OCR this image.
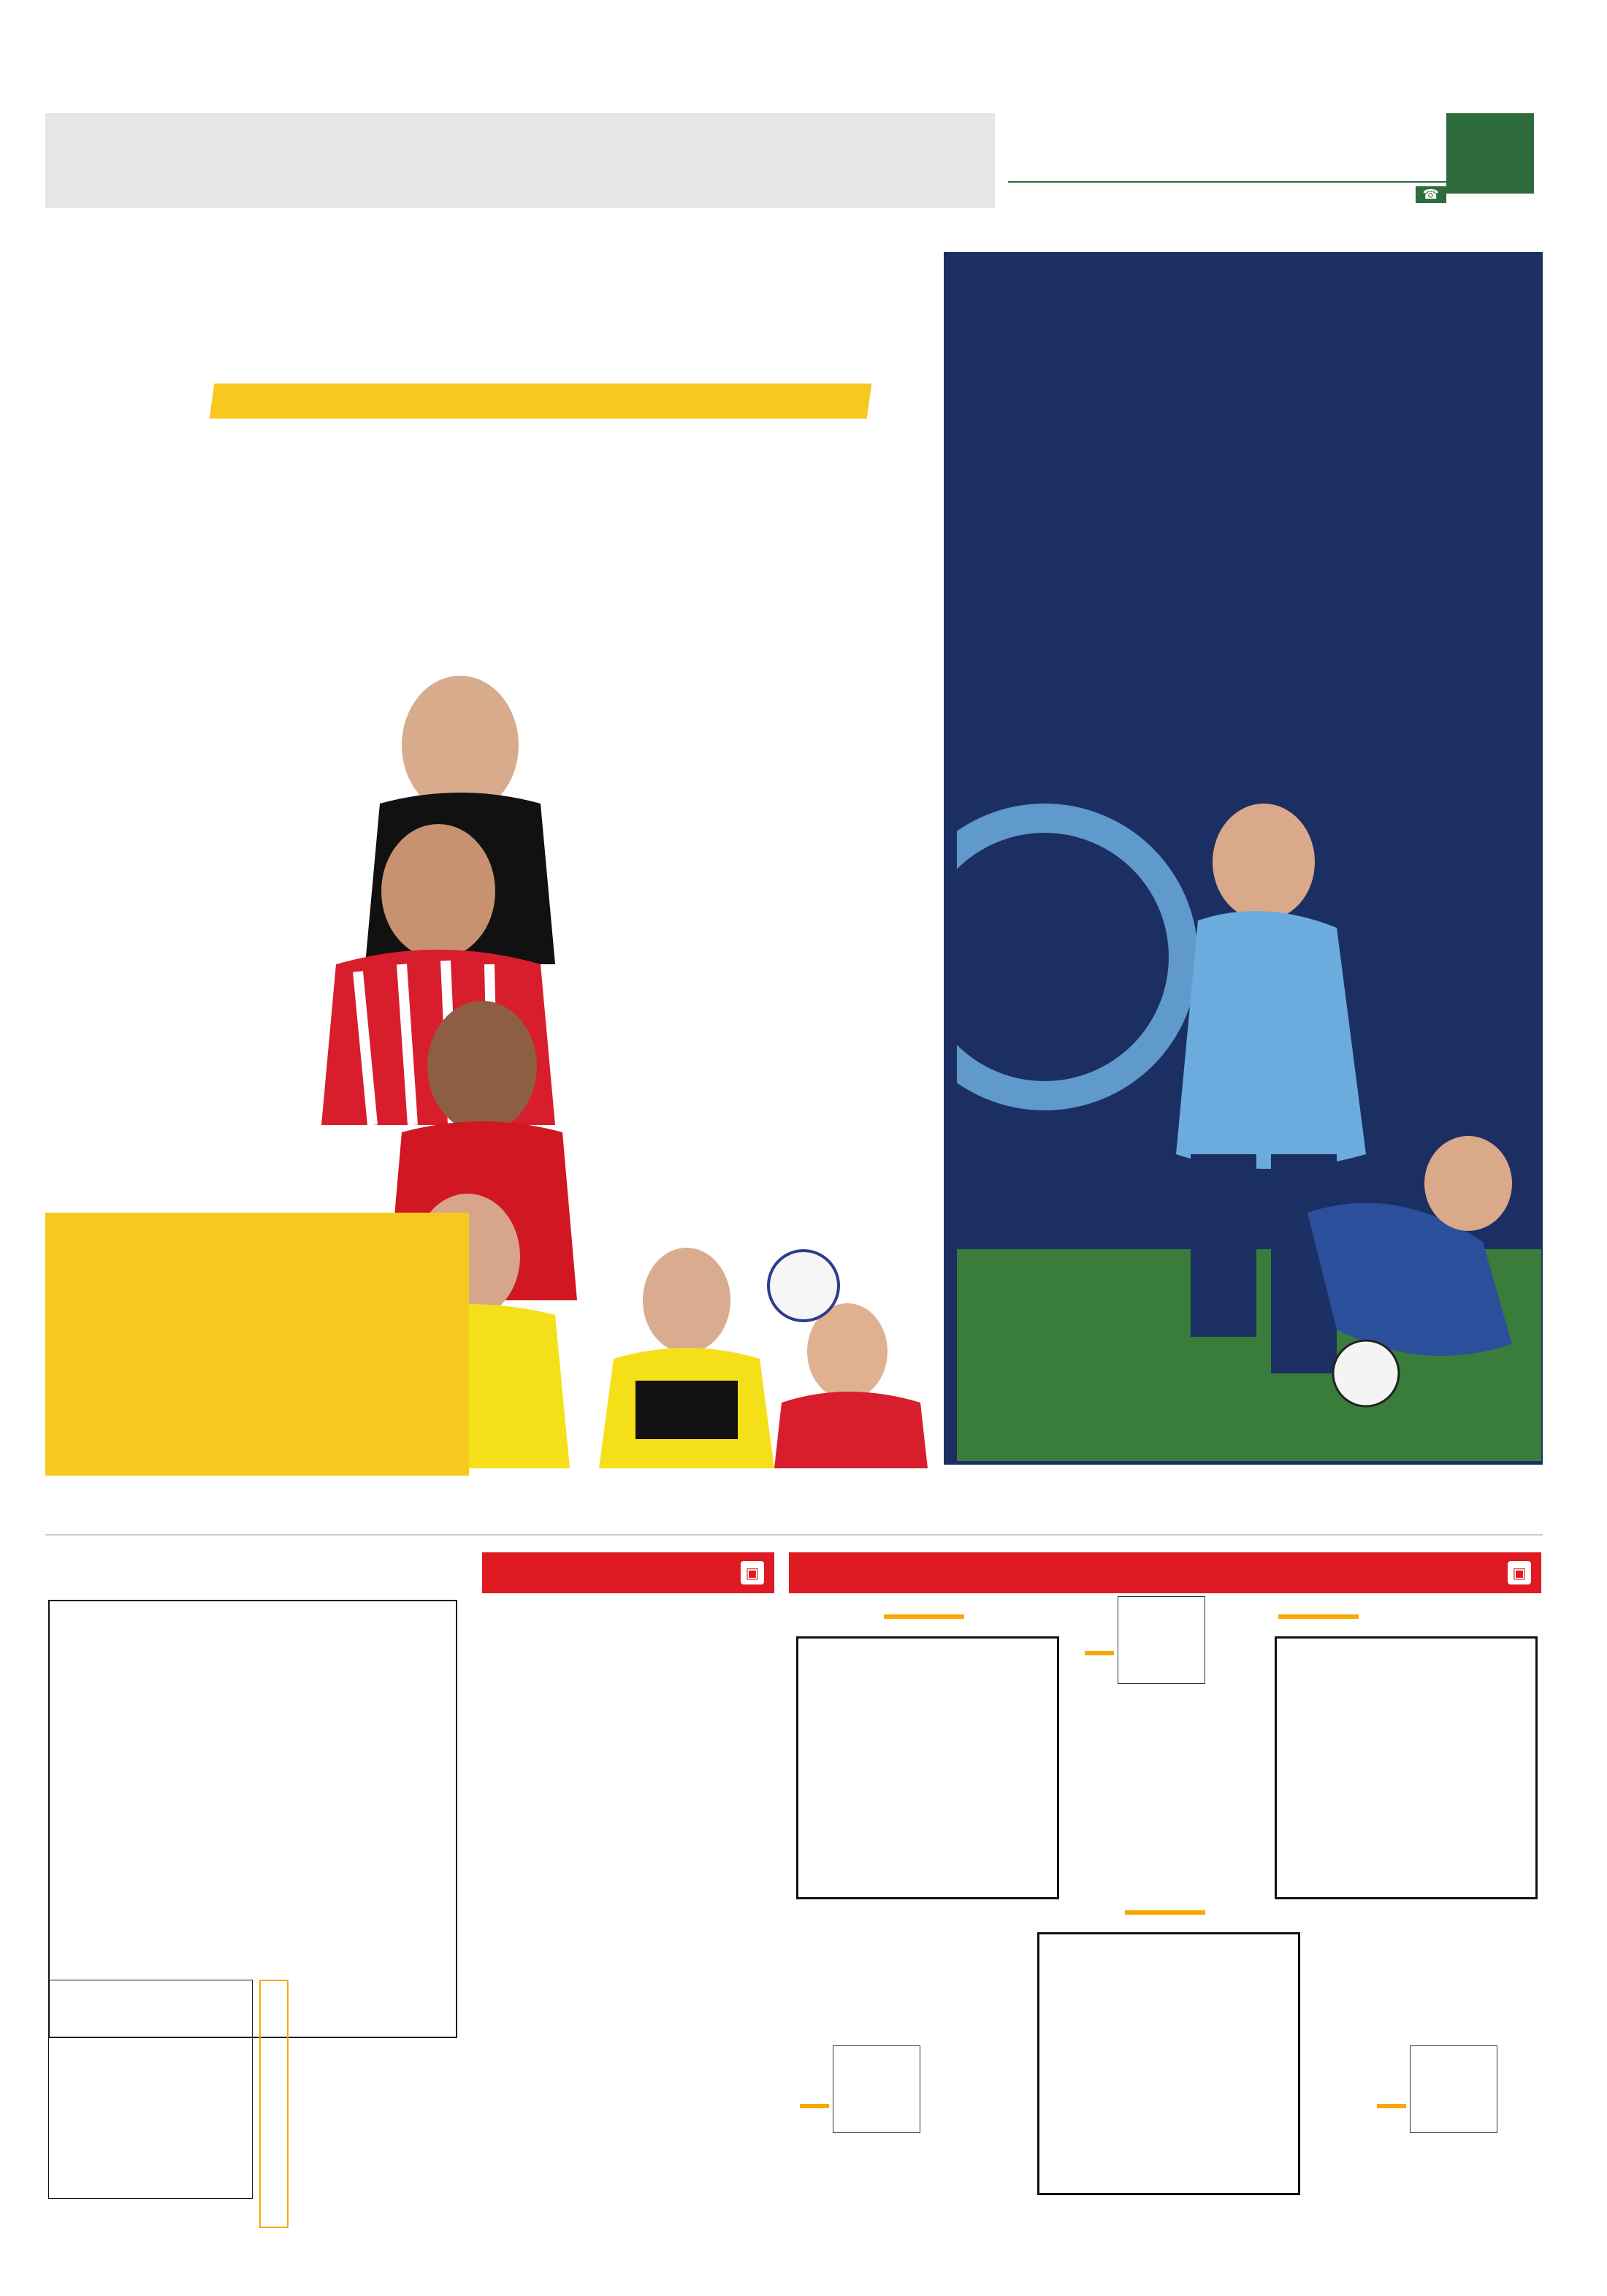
☎

▣
▣
